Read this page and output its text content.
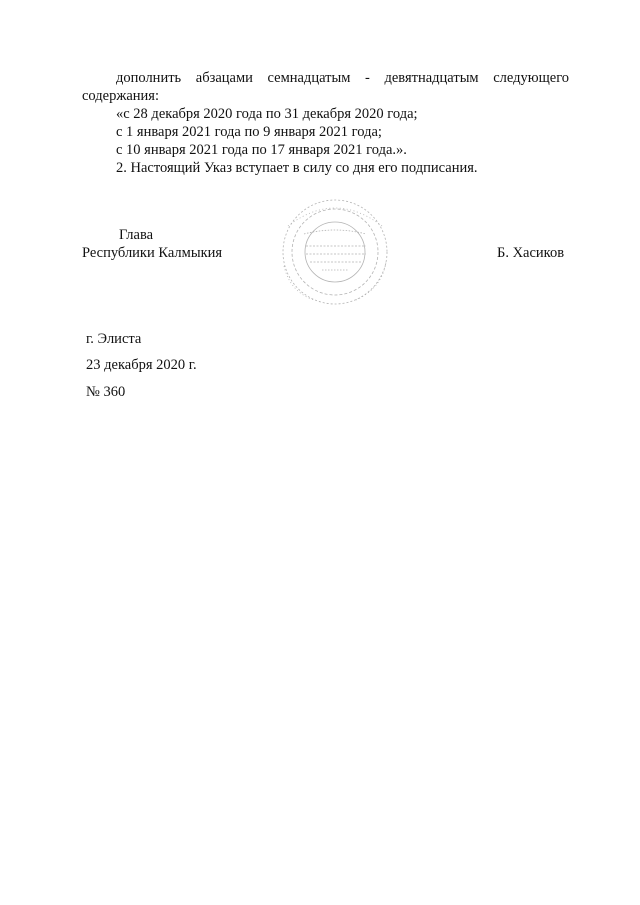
дополнить абзацами семнадцатым - девятнадцатым следующего
содержания:
«с 28 декабря 2020 года по 31 декабря 2020 года;
с 1 января 2021 года по 9 января 2021 года;
с 10 января 2021 года по 17 января 2021 года.».
2. Настоящий Указ вступает в силу со дня его подписания.
Глава
Республики Калмыкия	Б. Хасиков
г. Элиста
23 декабря 2020 г.
№ 360
